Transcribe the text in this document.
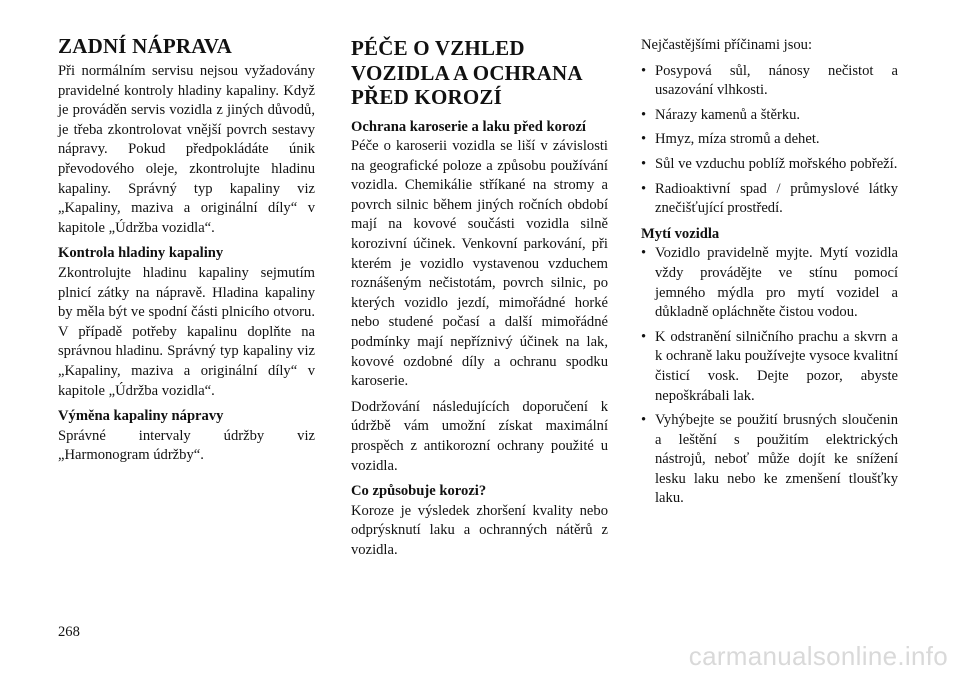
ZADNÍ NÁPRAVA

Při normálním servisu nejsou vyžadovány pravidelné kontroly hladiny kapaliny. Když je prováděn servis vozidla z jiných důvodů, je třeba zkontrolovat vnější povrch sestavy nápravy. Pokud předpokládáte únik převodového oleje, zkontrolujte hladinu kapaliny. Správný typ kapaliny viz „Kapaliny, maziva a originální díly“ v kapitole „Údržba vozidla“.

Kontrola hladiny kapaliny

Zkontrolujte hladinu kapaliny sejmutím plnicí zátky na nápravě. Hladina kapaliny by měla být ve spodní části plnicího otvoru. V případě potřeby kapalinu doplňte na správnou hladinu. Správný typ kapaliny viz „Kapaliny, maziva a originální díly“ v kapitole „Údržba vozidla“.

Výměna kapaliny nápravy

Správné intervaly údržby viz „Harmonogram údržby“.

PÉČE O VZHLED VOZIDLA A OCHRANA PŘED KOROZÍ
Ochrana karoserie a laku před korozí

Péče o karoserii vozidla se liší v závislosti na geografické poloze a způsobu používání vozidla. Chemikálie stříkané na stromy a povrch silnic během jiných ročních období mají na kovové součásti vozidla silně korozivní účinek. Venkovní parkování, při kterém je vozidlo vystavenou vzduchem roznášeným nečistotám, povrch silnic, po kterých vozidlo jezdí, mimořádné horké nebo studené počasí a další mimořádné podmínky mají nepříznivý účinek na lak, kovové ozdobné díly a ochranu spodku karoserie.

Dodržování následujících doporučení k údržbě vám umožní získat maximální prospěch z antikorozní ochrany použité u vozidla.

Co způsobuje korozi?

Koroze je výsledek zhoršení kvality nebo odprýsknutí laku a ochranných nátěrů z vozidla.

Nejčastějšími příčinami jsou:

• Posypová sůl, nánosy nečistot a usazování vlhkosti.
• Nárazy kamenů a štěrku.
• Hmyz, míza stromů a dehet.
• Sůl ve vzduchu poblíž mořského pobřeží.
• Radioaktivní spad / průmyslové látky znečišťující prostředí.
Mytí vozidla
• Vozidlo pravidelně myjte. Mytí vozidla vždy provádějte ve stínu pomocí jemného mýdla pro mytí vozidel a důkladně opláchněte čistou vodou.
• K odstranění silničního prachu a skvrn a k ochraně laku používejte vysoce kvalitní čisticí vosk. Dejte pozor, abyste nepoškrábali lak.
• Vyhýbejte se použití brusných sloučenin a leštění s použitím elektrických nástrojů, neboť může dojít ke snížení lesku laku nebo ke zmenšení tloušťky laku.
268
carmanualsonline.info
